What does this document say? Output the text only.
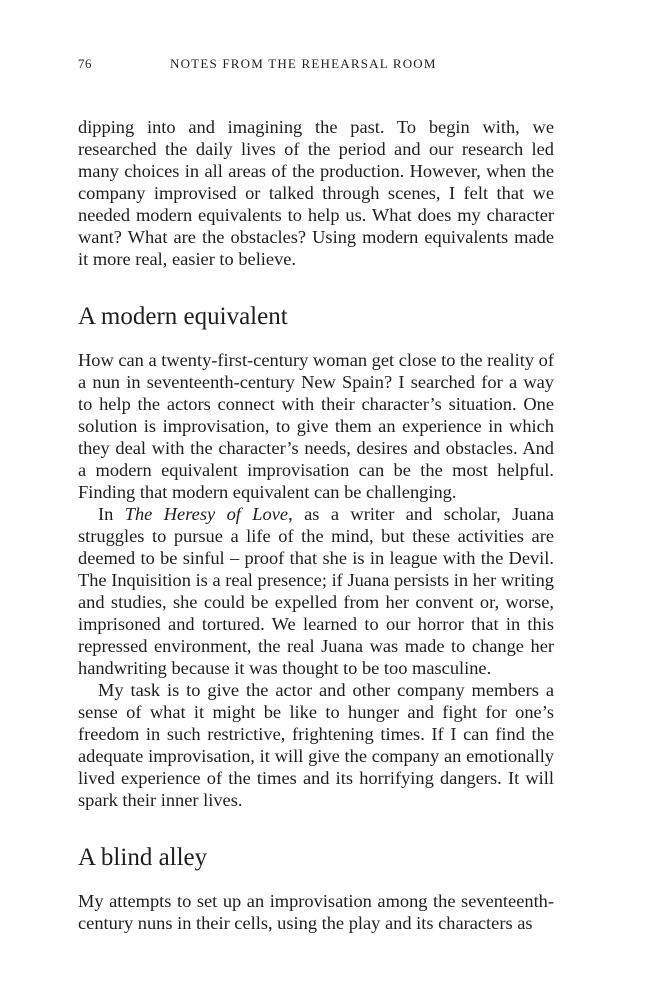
76	NOTES FROM THE REHEARSAL ROOM

dipping into and imagining the past. To begin with, we researched the daily lives of the period and our research led many choices in all areas of the production. However, when the company improvised or talked through scenes, I felt that we needed modern equivalents to help us. What does my character want? What are the obstacles? Using modern equivalents made it more real, easier to believe.

A modern equivalent

How can a twenty-first-century woman get close to the reality of a nun in seventeenth-century New Spain? I searched for a way to help the actors connect with their character’s situation. One solution is improvisation, to give them an experience in which they deal with the character’s needs, desires and obstacles. And a modern equivalent improvisation can be the most helpful. Finding that modern equivalent can be challenging.

In The Heresy of Love, as a writer and scholar, Juana struggles to pursue a life of the mind, but these activities are deemed to be sinful – proof that she is in league with the Devil. The Inquisition is a real presence; if Juana persists in her writing and studies, she could be expelled from her convent or, worse, imprisoned and tortured. We learned to our horror that in this repressed environment, the real Juana was made to change her handwriting because it was thought to be too masculine.

My task is to give the actor and other company members a sense of what it might be like to hunger and fight for one’s freedom in such restrictive, frightening times. If I can find the adequate improvisation, it will give the company an emotionally lived experience of the times and its horrifying dangers. It will spark their inner lives.

A blind alley

My attempts to set up an improvisation among the seventeenth-century nuns in their cells, using the play and its characters as
